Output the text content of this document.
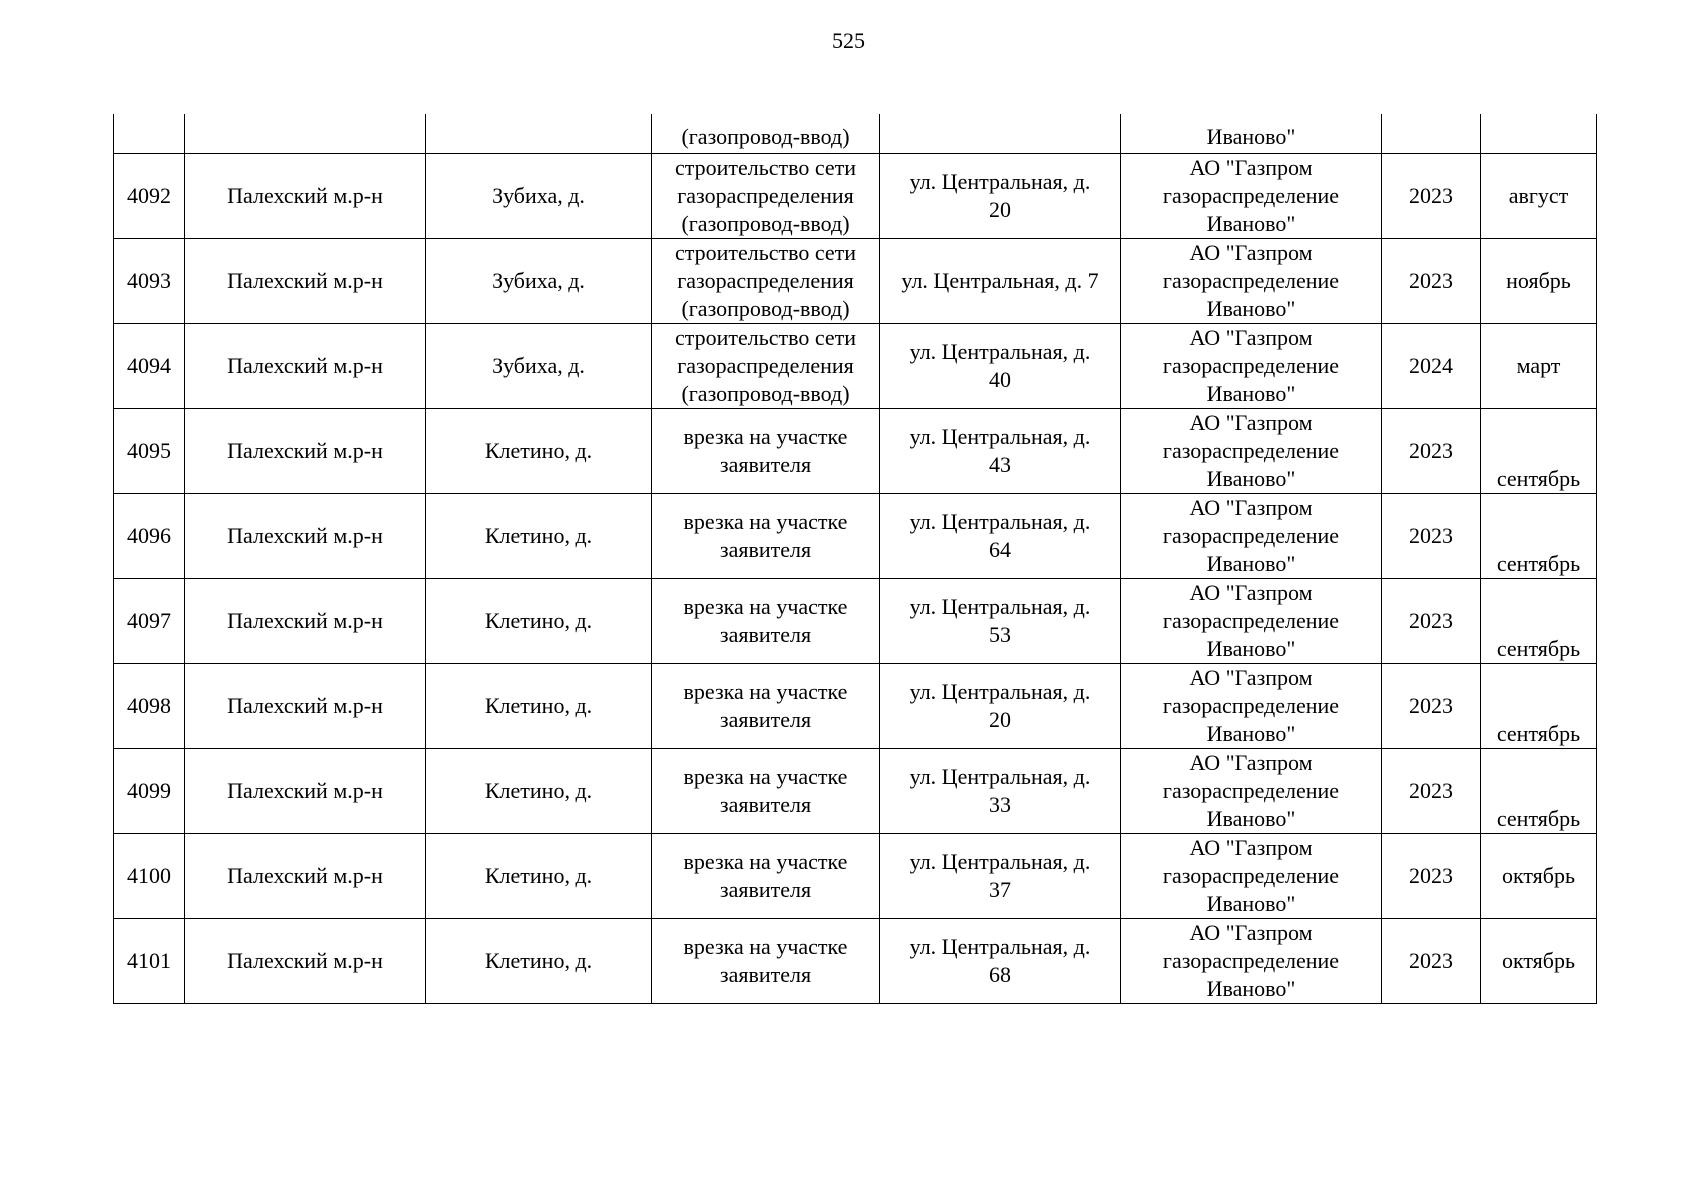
525
			(газопровод-ввод)		Иваново"		
4092	Палехский м.р-н	Зубиха, д.	строительство сети
газораспределения
(газопровод-ввод)	ул. Центральная, д.
20	АО "Газпром
газораспределение
Иваново"	2023	август
4093	Палехский м.р-н	Зубиха, д.	строительство сети
газораспределения
(газопровод-ввод)	ул. Центральная, д. 7	АО "Газпром
газораспределение
Иваново"	2023	ноябрь
4094	Палехский м.р-н	Зубиха, д.	строительство сети
газораспределения
(газопровод-ввод)	ул. Центральная, д.
40	АО "Газпром
газораспределение
Иваново"	2024	март
4095	Палехский м.р-н	Клетино, д.	врезка на участке
заявителя	ул. Центральная, д.
43	АО "Газпром
газораспределение
Иваново"	2023	сентябрь
4096	Палехский м.р-н	Клетино, д.	врезка на участке
заявителя	ул. Центральная, д.
64	АО "Газпром
газораспределение
Иваново"	2023	сентябрь
4097	Палехский м.р-н	Клетино, д.	врезка на участке
заявителя	ул. Центральная, д.
53	АО "Газпром
газораспределение
Иваново"	2023	сентябрь
4098	Палехский м.р-н	Клетино, д.	врезка на участке
заявителя	ул. Центральная, д.
20	АО "Газпром
газораспределение
Иваново"	2023	сентябрь
4099	Палехский м.р-н	Клетино, д.	врезка на участке
заявителя	ул. Центральная, д.
33	АО "Газпром
газораспределение
Иваново"	2023	сентябрь
4100	Палехский м.р-н	Клетино, д.	врезка на участке
заявителя	ул. Центральная, д.
37	АО "Газпром
газораспределение
Иваново"	2023	октябрь
4101	Палехский м.р-н	Клетино, д.	врезка на участке
заявителя	ул. Центральная, д.
68	АО "Газпром
газораспределение
Иваново"	2023	октябрь
